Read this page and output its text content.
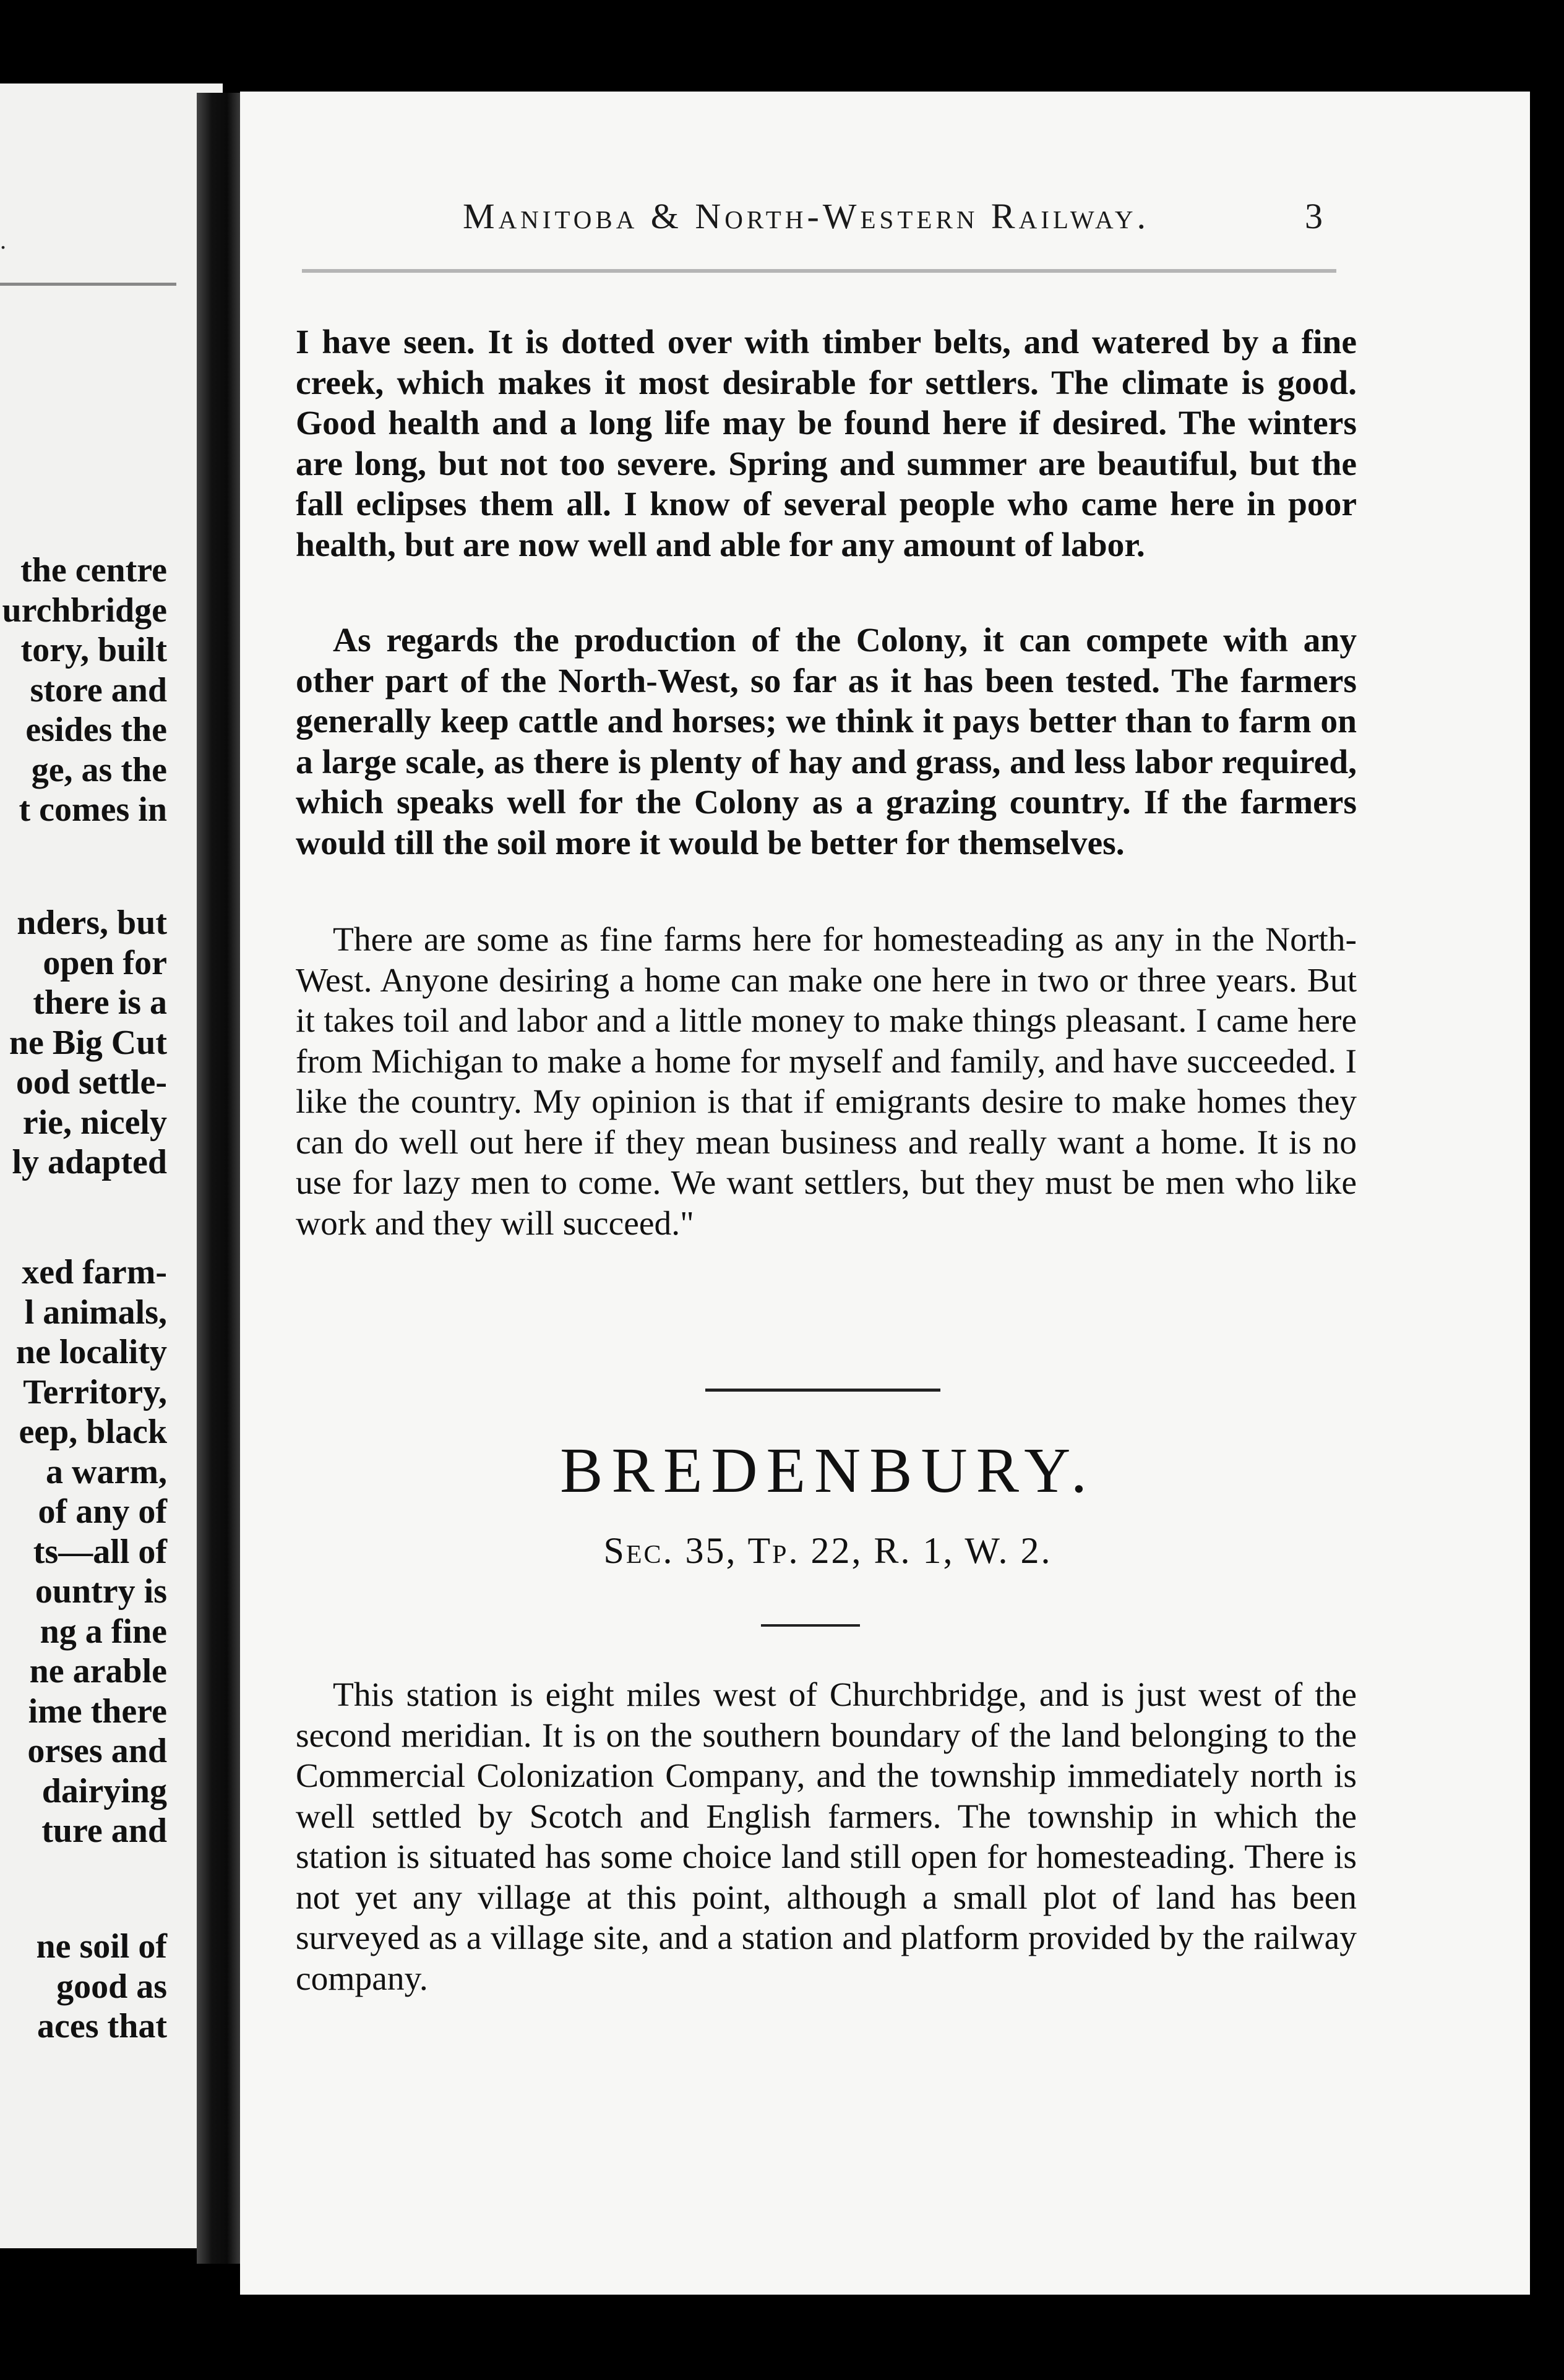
.
the centre
urchbridge
tory, built
store and
esides the
ge, as the
t comes in
nders, but
open for
there is a
ne Big Cut
ood settle-
rie, nicely
ly adapted
xed farm-
l animals,
ne locality
Territory,
eep, black
a warm,
of any of
ts—all of
ountry is
ng a fine
ne arable
ime there
orses and
dairying
ture and
ne soil of
good as
aces that
Manitoba & North-Western Railway.	3
I have seen. It is dotted over with timber belts, and watered by a fine creek, which makes it most desirable for settlers. The climate is good. Good health and a long life may be found here if desired. The winters are long, but not too severe. Spring and summer are beautiful, but the fall eclipses them all. I know of several people who came here in poor health, but are now well and able for any amount of labor.
As regards the production of the Colony, it can compete with any other part of the North-West, so far as it has been tested. The farmers generally keep cattle and horses; we think it pays better than to farm on a large scale, as there is plenty of hay and grass, and less labor required, which speaks well for the Colony as a grazing country. If the farmers would till the soil more it would be better for themselves.
There are some as fine farms here for homesteading as any in the North-West. Anyone desiring a home can make one here in two or three years. But it takes toil and labor and a little money to make things pleasant. I came here from Michigan to make a home for myself and family, and have succeeded. I like the country. My opinion is that if emigrants desire to make homes they can do well out here if they mean business and really want a home. It is no use for lazy men to come. We want settlers, but they must be men who like work and they will succeed."
BREDENBURY.
Sec. 35, Tp. 22, R. 1, W. 2.
This station is eight miles west of Churchbridge, and is just west of the second meridian. It is on the southern boundary of the land belonging to the Commercial Colonization Company, and the township immediately north is well settled by Scotch and English farmers. The township in which the station is situated has some choice land still open for homesteading. There is not yet any village at this point, although a small plot of land has been surveyed as a village site, and a station and platform provided by the railway company.
